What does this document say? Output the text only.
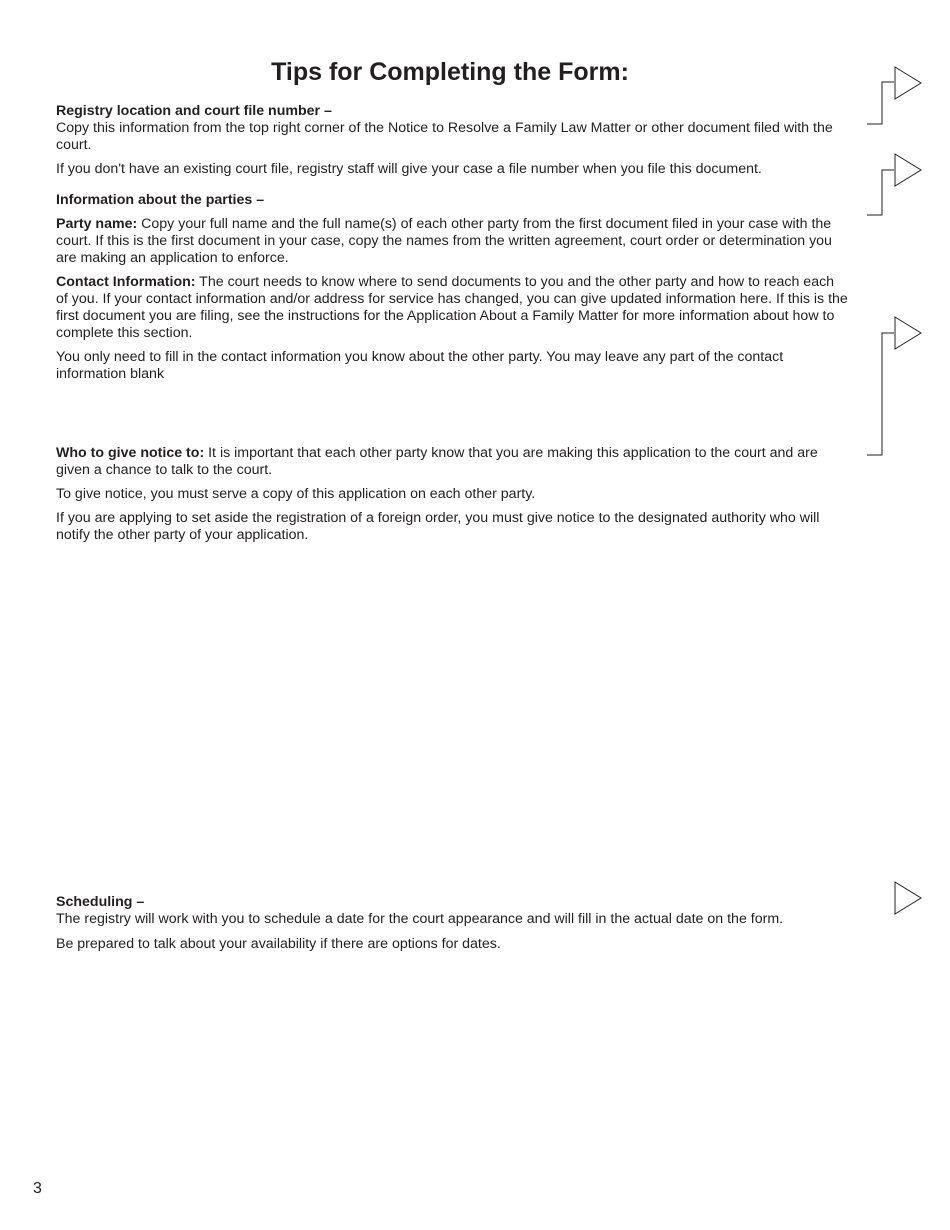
Tips for Completing the Form:

Registry location and court file number –

Copy this information from the top right corner of the Notice to Resolve a Family Law Matter or other document filed with the court.

If you don't have an existing court file, registry staff will give your case a file number when you file this document.

Information about the parties –

Party name: Copy your full name and the full name(s) of each other party from the first document filed in your case with the court. If this is the first document in your case, copy the names from the written agreement, court order or determination you are making an application to enforce.

Contact Information: The court needs to know where to send documents to you and the other party and how to reach each of you. If your contact information and/or address for service has changed, you can give updated information here. If this is the first document you are filing, see the instructions for the Application About a Family Matter for more information about how to complete this section.

You only need to fill in the contact information you know about the other party. You may leave any part of the contact information blank

Who to give notice to: It is important that each other party know that you are making this application to the court and are given a chance to talk to the court.

To give notice, you must serve a copy of this application on each other party.

If you are applying to set aside the registration of a foreign order, you must give notice to the designated authority who will notify the other party of your application.

Scheduling –

The registry will work with you to schedule a date for the court appearance and will fill in the actual date on the form.

Be prepared to talk about your availability if there are options for dates.

3
